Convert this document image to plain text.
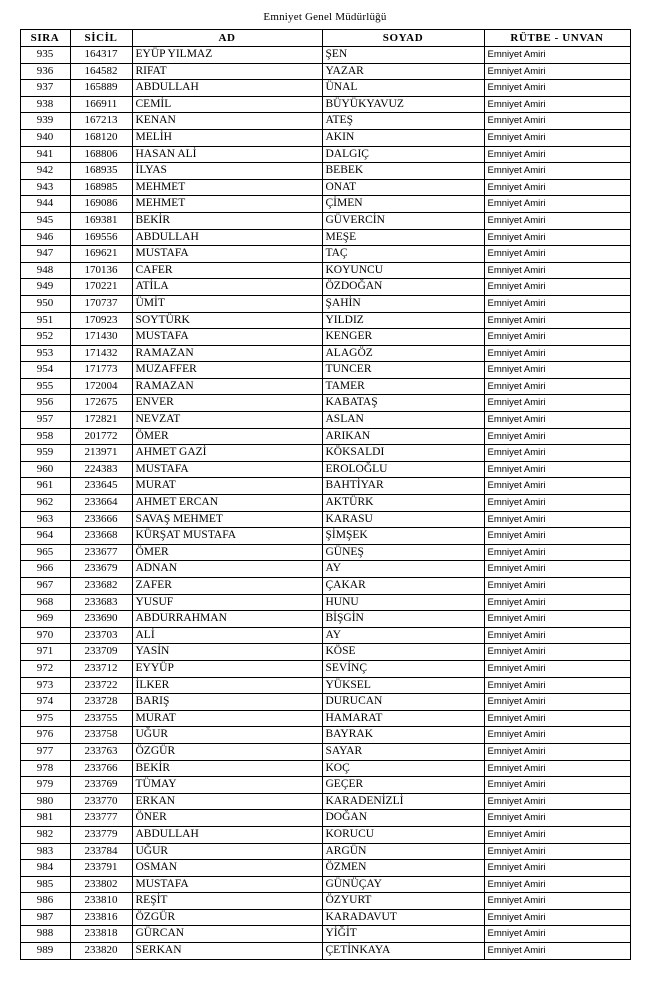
Emniyet Genel Müdürlüğü
SIRA	SİCİL	AD	SOYAD	RÜTBE - UNVAN
935	164317	EYÜP YILMAZ	ŞEN	Emniyet Amiri
936	164582	RIFAT	YAZAR	Emniyet Amiri
937	165889	ABDULLAH	ÜNAL	Emniyet Amiri
938	166911	CEMİL	BÜYÜKYAVUZ	Emniyet Amiri
939	167213	KENAN	ATEŞ	Emniyet Amiri
940	168120	MELİH	AKIN	Emniyet Amiri
941	168806	HASAN ALİ	DALGIÇ	Emniyet Amiri
942	168935	İLYAS	BEBEK	Emniyet Amiri
943	168985	MEHMET	ONAT	Emniyet Amiri
944	169086	MEHMET	ÇİMEN	Emniyet Amiri
945	169381	BEKİR	GÜVERCİN	Emniyet Amiri
946	169556	ABDULLAH	MEŞE	Emniyet Amiri
947	169621	MUSTAFA	TAÇ	Emniyet Amiri
948	170136	CAFER	KOYUNCU	Emniyet Amiri
949	170221	ATİLA	ÖZDOĞAN	Emniyet Amiri
950	170737	ÜMİT	ŞAHİN	Emniyet Amiri
951	170923	SOYTÜRK	YILDIZ	Emniyet Amiri
952	171430	MUSTAFA	KENGER	Emniyet Amiri
953	171432	RAMAZAN	ALAGÖZ	Emniyet Amiri
954	171773	MUZAFFER	TUNCER	Emniyet Amiri
955	172004	RAMAZAN	TAMER	Emniyet Amiri
956	172675	ENVER	KABATAŞ	Emniyet Amiri
957	172821	NEVZAT	ASLAN	Emniyet Amiri
958	201772	ÖMER	ARIKAN	Emniyet Amiri
959	213971	AHMET GAZİ	KÖKSALDI	Emniyet Amiri
960	224383	MUSTAFA	EROLOĞLU	Emniyet Amiri
961	233645	MURAT	BAHTİYAR	Emniyet Amiri
962	233664	AHMET ERCAN	AKTÜRK	Emniyet Amiri
963	233666	SAVAŞ MEHMET	KARASU	Emniyet Amiri
964	233668	KÜRŞAT MUSTAFA	ŞİMŞEK	Emniyet Amiri
965	233677	ÖMER	GÜNEŞ	Emniyet Amiri
966	233679	ADNAN	AY	Emniyet Amiri
967	233682	ZAFER	ÇAKAR	Emniyet Amiri
968	233683	YUSUF	HUNU	Emniyet Amiri
969	233690	ABDURRAHMAN	BİŞGİN	Emniyet Amiri
970	233703	ALİ	AY	Emniyet Amiri
971	233709	YASİN	KÖSE	Emniyet Amiri
972	233712	EYYÜP	SEVİNÇ	Emniyet Amiri
973	233722	İLKER	YÜKSEL	Emniyet Amiri
974	233728	BARIŞ	DURUCAN	Emniyet Amiri
975	233755	MURAT	HAMARAT	Emniyet Amiri
976	233758	UĞUR	BAYRAK	Emniyet Amiri
977	233763	ÖZGÜR	SAYAR	Emniyet Amiri
978	233766	BEKİR	KOÇ	Emniyet Amiri
979	233769	TÜMAY	GEÇER	Emniyet Amiri
980	233770	ERKAN	KARADENİZLİ	Emniyet Amiri
981	233777	ÖNER	DOĞAN	Emniyet Amiri
982	233779	ABDULLAH	KORUCU	Emniyet Amiri
983	233784	UĞUR	ARGÜN	Emniyet Amiri
984	233791	OSMAN	ÖZMEN	Emniyet Amiri
985	233802	MUSTAFA	GÜNÜÇAY	Emniyet Amiri
986	233810	REŞİT	ÖZYURT	Emniyet Amiri
987	233816	ÖZGÜR	KARADAVUT	Emniyet Amiri
988	233818	GÜRCAN	YİĞİT	Emniyet Amiri
989	233820	SERKAN	ÇETİNKAYA	Emniyet Amiri
